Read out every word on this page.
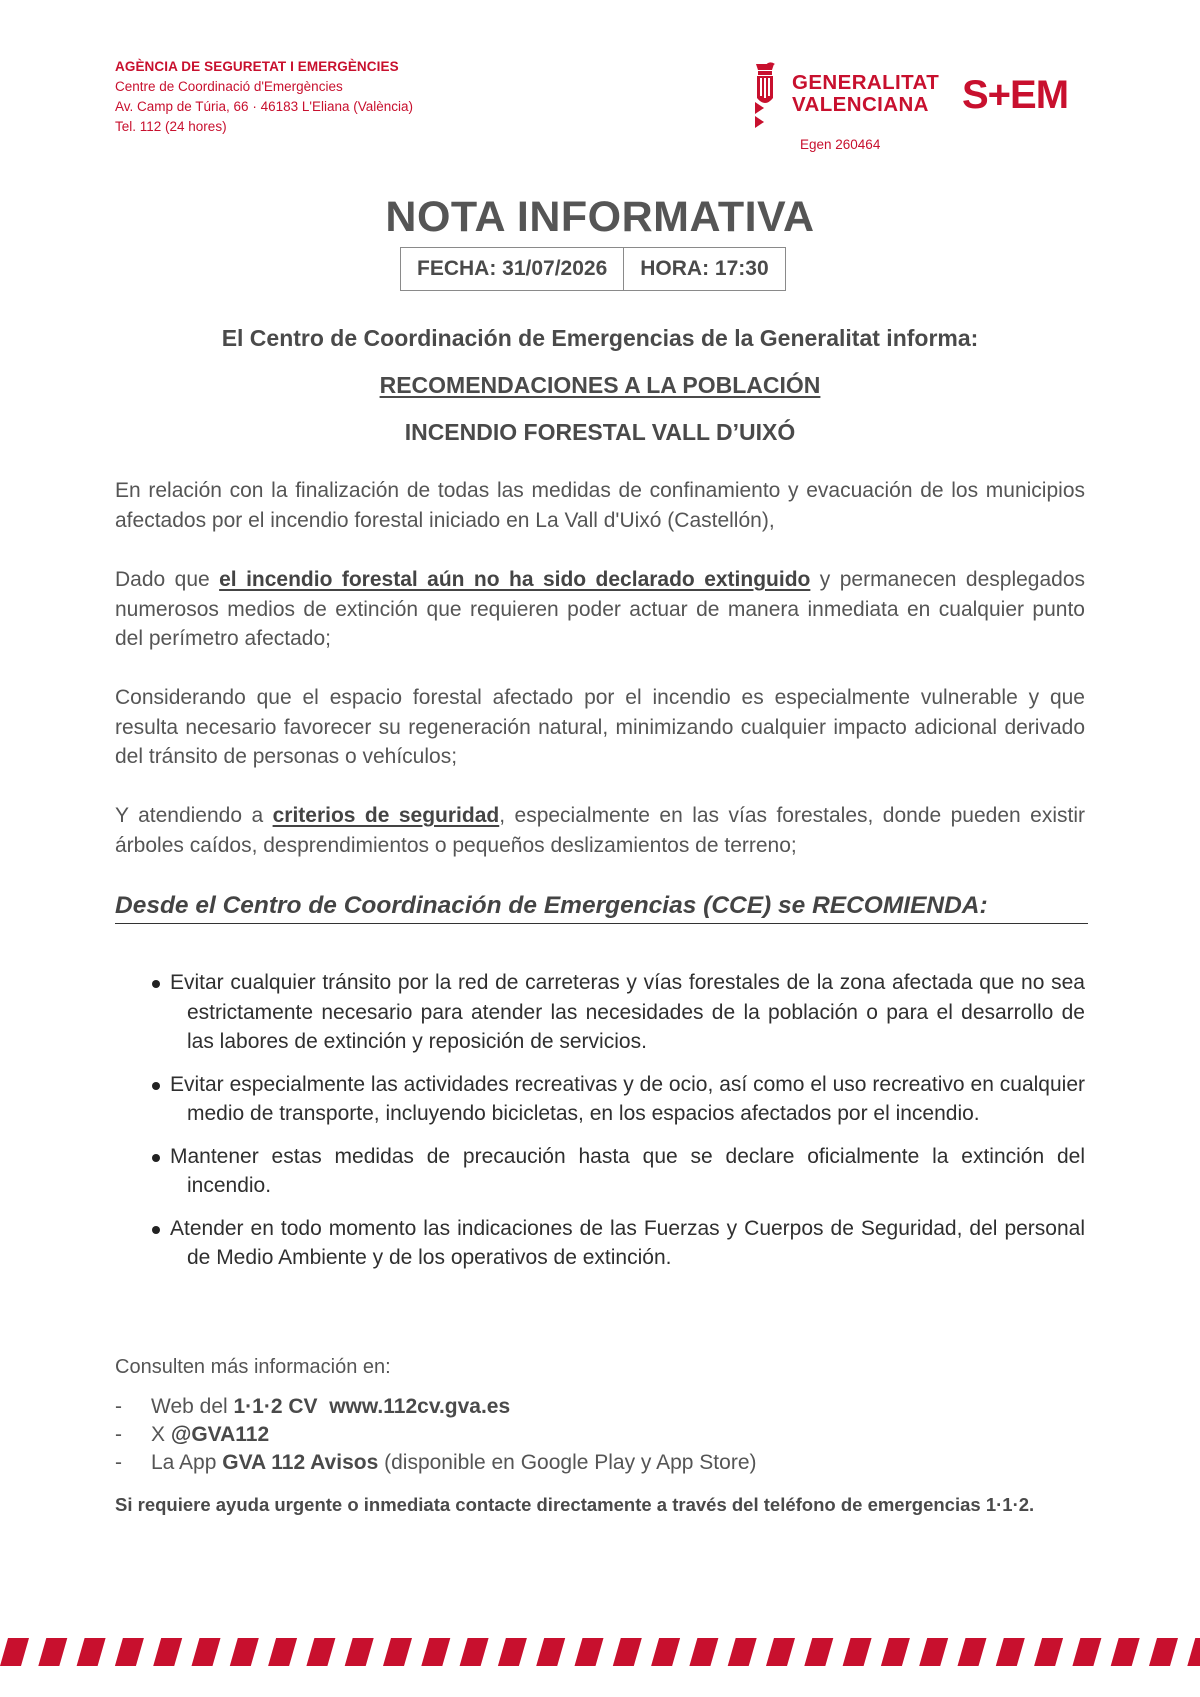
AGÈNCIA DE SEGURETAT I EMERGÈNCIES
Centre de Coordinació d'Emergències
Av. Camp de Túria, 66 · 46183 L'Eliana (València)
Tel. 112 (24 hores)
GENERALITAT
VALENCIANA S+EM
Egen 260464
NOTA INFORMATIVA
FECHA: 31/07/2026	HORA: 17:30
El Centro de Coordinación de Emergencias de la Generalitat informa:
RECOMENDACIONES A LA POBLACIÓN
INCENDIO FORESTAL VALL D’UIXÓ
En relación con la finalización de todas las medidas de confinamiento y evacuación de los municipios afectados por el incendio forestal iniciado en La Vall d'Uixó (Castellón),
Dado que el incendio forestal aún no ha sido declarado extinguido y permanecen desplegados numerosos medios de extinción que requieren poder actuar de manera inmediata en cualquier punto del perímetro afectado;
Considerando que el espacio forestal afectado por el incendio es especialmente vulnerable y que resulta necesario favorecer su regeneración natural, minimizando cualquier impacto adicional derivado del tránsito de personas o vehículos;
Y atendiendo a criterios de seguridad, especialmente en las vías forestales, donde pueden existir árboles caídos, desprendimientos o pequeños deslizamientos de terreno;
Desde el Centro de Coordinación de Emergencias (CCE) se RECOMIENDA:
Evitar cualquier tránsito por la red de carreteras y vías forestales de la zona afectada que no sea estrictamente necesario para atender las necesidades de la población o para el desarrollo de las labores de extinción y reposición de servicios.
Evitar especialmente las actividades recreativas y de ocio, así como el uso recreativo en cualquier medio de transporte, incluyendo bicicletas, en los espacios afectados por el incendio.
Mantener estas medidas de precaución hasta que se declare oficialmente la extinción del incendio.
Atender en todo momento las indicaciones de las Fuerzas y Cuerpos de Seguridad, del personal de Medio Ambiente y de los operativos de extinción.
Consulten más información en:
- Web del 1·1·2 CV www.112cv.gva.es
- X @GVA112
- La App GVA 112 Avisos (disponible en Google Play y App Store)
Si requiere ayuda urgente o inmediata contacte directamente a través del teléfono de emergencias 1·1·2.
